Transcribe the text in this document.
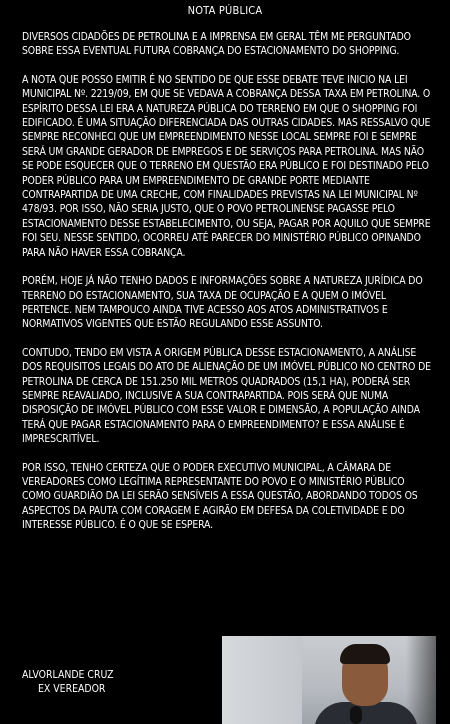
NOTA PÚBLICA

DIVERSOS CIDADÕES DE PETROLINA E A IMPRENSA EM GERAL TÊM ME PERGUNTADO SOBRE ESSA EVENTUAL FUTURA COBRANÇA DO ESTACIONAMENTO DO SHOPPING.

A NOTA QUE POSSO EMITIR É NO SENTIDO DE QUE ESSE DEBATE TEVE INICIO NA LEI MUNICIPAL Nº. 2219/09, EM QUE SE VEDAVA A COBRANÇA DESSA TAXA EM PETROLINA. O ESPÍRITO DESSA LEI ERA A NATUREZA PÚBLICA DO TERRENO EM QUE O SHOPPING FOI EDIFICADO. É UMA SITUAÇÃO DIFERENCIADA DAS OUTRAS CIDADES. MAS RESSALVO QUE SEMPRE RECONHECI QUE UM EMPREENDIMENTO NESSE LOCAL SEMPRE FOI E SEMPRE SERÁ UM GRANDE GERADOR DE EMPREGOS E DE SERVIÇOS PARA PETROLINA. MAS NÃO SE PODE ESQUECER QUE O TERRENO EM QUESTÃO ERA PÚBLICO E FOI DESTINADO PELO PODER PÚBLICO PARA UM EMPREENDIMENTO DE GRANDE PORTE MEDIANTE CONTRAPARTIDA DE UMA CRECHE, COM FINALIDADES PREVISTAS NA LEI MUNICIPAL Nº 478/93. POR ISSO, NÃO SERIA JUSTO, QUE O POVO PETROLINENSE PAGASSE PELO ESTACIONAMENTO DESSE ESTABELECIMENTO, OU SEJA, PAGAR POR AQUILO QUE SEMPRE FOI SEU. NESSE SENTIDO, OCORREU ATÉ PARECER DO MINISTÉRIO PÚBLICO OPINANDO PARA NÃO HAVER ESSA COBRANÇA.

PORÉM, HOJE JÁ NÃO TENHO DADOS E INFORMAÇÕES SOBRE A NATUREZA JURÍDICA DO TERRENO DO ESTACIONAMENTO, SUA TAXA DE OCUPAÇÃO E A QUEM O IMÓVEL PERTENCE. NEM TAMPOUCO AINDA TIVE ACESSO AOS ATOS ADMINISTRATIVOS E NORMATIVOS VIGENTES QUE ESTÃO REGULANDO ESSE ASSUNTO.

CONTUDO, TENDO EM VISTA A ORIGEM PÚBLICA DESSE ESTACIONAMENTO, A ANÁLISE DOS REQUISITOS LEGAIS DO ATO DE ALIENAÇÃO DE UM IMÓVEL PÚBLICO NO CENTRO DE PETROLINA DE CERCA DE 151.250 MIL METROS QUADRADOS (15,1 HA), PODERÁ SER SEMPRE REAVALIADO, INCLUSIVE A SUA CONTRAPARTIDA. POIS SERÁ QUE NUMA DISPOSIÇÃO DE IMÓVEL PÚBLICO COM ESSE VALOR E DIMENSÃO, A POPULAÇÃO AINDA TERÁ QUE PAGAR ESTACIONAMENTO PARA O EMPREENDIMENTO? E ESSA ANÁLISE É IMPRESCRITÍVEL.

POR ISSO, TENHO CERTEZA QUE O PODER EXECUTIVO MUNICIPAL, A CÂMARA DE VEREADORES COMO LEGÍTIMA REPRESENTANTE DO POVO E O MINISTÉRIO PÚBLICO COMO GUARDIÃO DA LEI SERÃO SENSÍVEIS A ESSA QUESTÃO, ABORDANDO TODOS OS ASPECTOS DA PAUTA COM CORAGEM E AGIRÃO EM DEFESA DA COLETIVIDADE E DO INTERESSE PÚBLICO. É O QUE SE ESPERA.

ALVORLANDE CRUZ
EX VEREADOR
